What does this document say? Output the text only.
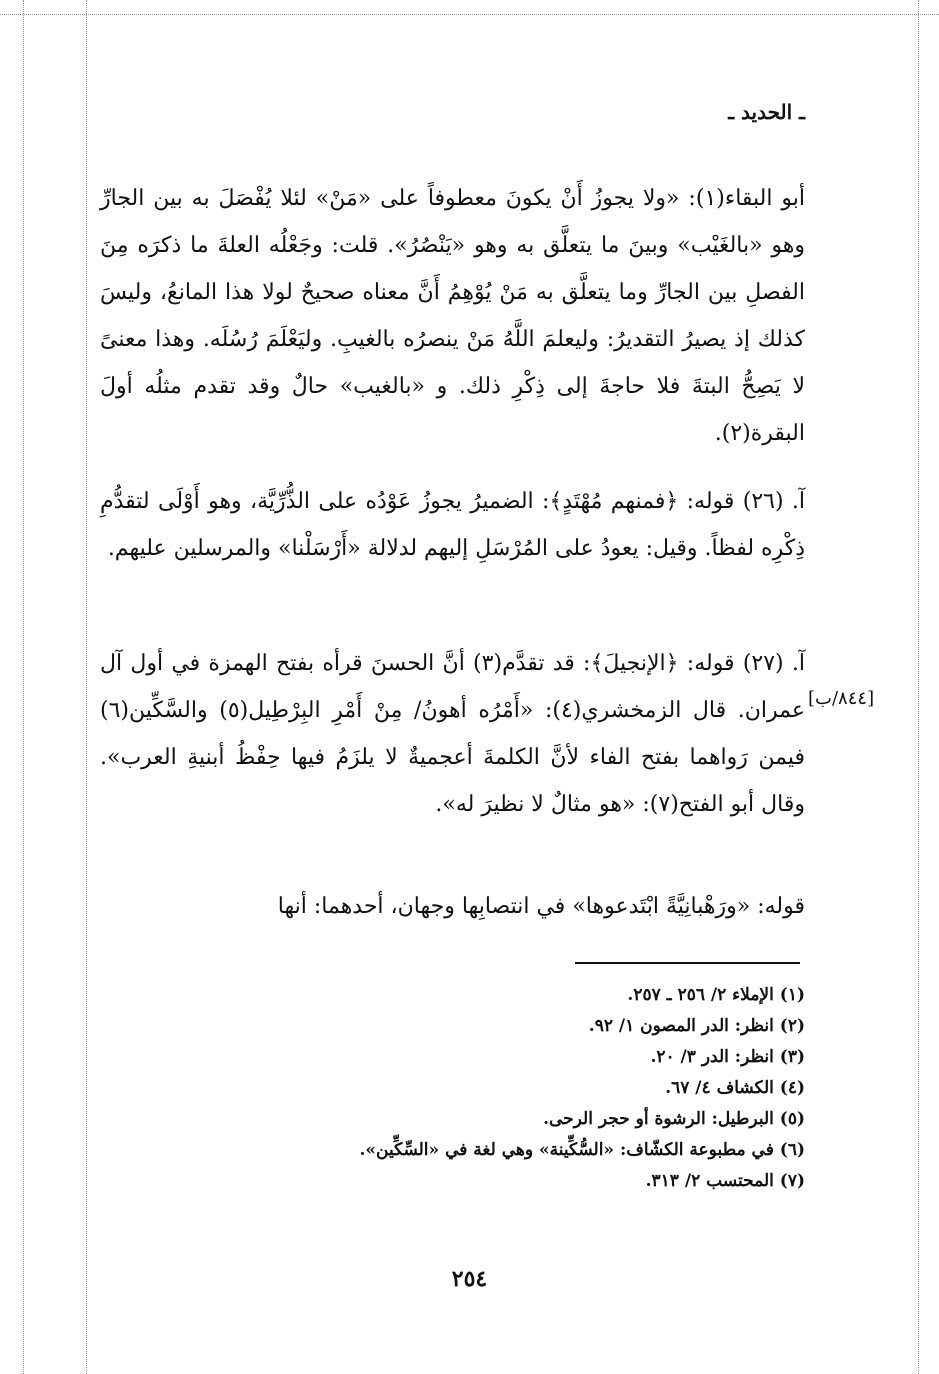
ـ الحديد ـ

أبو البقاء(١): «ولا يجوزُ أَنْ يكونَ معطوفاً على «مَنْ» لئلا يُفْصَلَ به بين الجارِّ وهو «بالغَيْب» وبينَ ما يتعلَّق به وهو «يَنْصُرُ». قلت: وجَعْلُه العلةَ ما ذكرَه مِنَ الفصلِ بين الجارِّ وما يتعلَّق به مَنْ يُوْهِمُ أَنَّ معناه صحيحٌ لولا هذا المانعُ، وليسَ كذلك إذ يصيرُ التقديرُ: وليعلمَ اللَّهُ مَنْ ينصرُه بالغيبِ. وليَعْلَمَ رُسُلَه. وهذا معنىً لا يَصِحُّ البتةَ فلا حاجةَ إلى ذِكْرِ ذلك. و «بالغيب» حالٌ وقد تقدم مثلُه أولَ البقرة(٢).

آ. (٢٦) قوله: ﴿فمنهم مُهْتَدٍ﴾: الضميرُ يجوزُ عَوْدُه على الذُّرِّيَّة، وهو أَوْلَى لتقدُّمِ ذِكْرِه لفظاً. وقيل: يعودُ على المُرْسَلِ إليهم لدلالة «أَرْسَلْنا» والمرسلين عليهم.

آ. (٢٧) قوله: ﴿الإنجيلَ﴾: قد تقدَّم(٣) أنَّ الحسنَ قرأه بفتح الهمزة في أول آل عمران. قال الزمخشري(٤): «أَمْرُه أهونُ/ مِنْ أَمْرِ البِرْطِيل(٥) والسَّكِّين(٦) فيمن رَواهما بفتح الفاء لأنَّ الكلمةَ أعجميةٌ لا يلزَمُ فيها حِفْظُ أبنيةِ العرب». وقال أبو الفتح(٧): «هو مثالٌ لا نظيرَ له».

[٨٤٤/ب]

قوله: «ورَهْبانِيَّةً ابْتَدعوها» في انتصابِها وجهان، أحدهما: أنها

(١) الإملاء ٢/ ٢٥٦ ـ ٢٥٧.

(٢) انظر: الدر المصون ١/ ٩٢.

(٣) انظر: الدر ٣/ ٢٠.

(٤) الكشاف ٤/ ٦٧.

(٥) البرطيل: الرشوة أو حجر الرحى.

(٦) في مطبوعة الكشّاف: «السُّكِّينة» وهي لغة في «السِّكِّين».

(٧) المحتسب ٢/ ٣١٣.

٢٥٤
